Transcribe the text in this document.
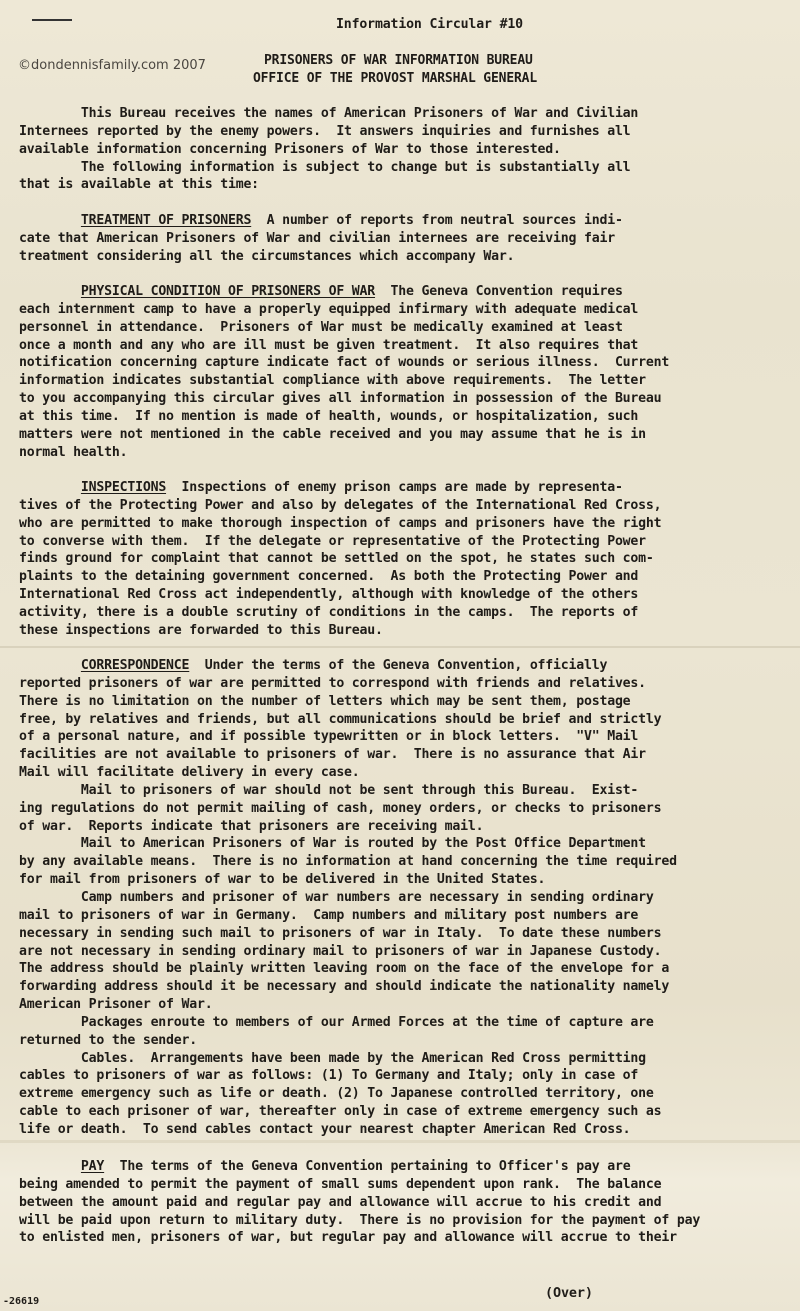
Information Circular #10
©dondennisfamily.com 2007	PRISONERS OF WAR INFORMATION BUREAU
OFFICE OF THE PROVOST MARSHAL GENERAL
This Bureau receives the names of American Prisoners of War and Civilian
Internees reported by the enemy powers.  It answers inquiries and furnishes all
available information concerning Prisoners of War to those interested.
The following information is subject to change but is substantially all
that is available at this time:
TREATMENT OF PRISONERS  A number of reports from neutral sources indi-
cate that American Prisoners of War and civilian internees are receiving fair
treatment considering all the circumstances which accompany War.
PHYSICAL CONDITION OF PRISONERS OF WAR  The Geneva Convention requires
each internment camp to have a properly equipped infirmary with adequate medical
personnel in attendance.  Prisoners of War must be medically examined at least
once a month and any who are ill must be given treatment.  It also requires that
notification concerning capture indicate fact of wounds or serious illness.  Current
information indicates substantial compliance with above requirements.  The letter
to you accompanying this circular gives all information in possession of the Bureau
at this time.  If no mention is made of health, wounds, or hospitalization, such
matters were not mentioned in the cable received and you may assume that he is in
normal health.
INSPECTIONS  Inspections of enemy prison camps are made by representa-
tives of the Protecting Power and also by delegates of the International Red Cross,
who are permitted to make thorough inspection of camps and prisoners have the right
to converse with them.  If the delegate or representative of the Protecting Power
finds ground for complaint that cannot be settled on the spot, he states such com-
plaints to the detaining government concerned.  As both the Protecting Power and
International Red Cross act independently, although with knowledge of the others
activity, there is a double scrutiny of conditions in the camps.  The reports of
these inspections are forwarded to this Bureau.
CORRESPONDENCE  Under the terms of the Geneva Convention, officially
reported prisoners of war are permitted to correspond with friends and relatives.
There is no limitation on the number of letters which may be sent them, postage
free, by relatives and friends, but all communications should be brief and strictly
of a personal nature, and if possible typewritten or in block letters.  "V" Mail
facilities are not available to prisoners of war.  There is no assurance that Air
Mail will facilitate delivery in every case.
Mail to prisoners of war should not be sent through this Bureau.  Exist-
ing regulations do not permit mailing of cash, money orders, or checks to prisoners
of war.  Reports indicate that prisoners are receiving mail.
Mail to American Prisoners of War is routed by the Post Office Department
by any available means.  There is no information at hand concerning the time required
for mail from prisoners of war to be delivered in the United States.
Camp numbers and prisoner of war numbers are necessary in sending ordinary
mail to prisoners of war in Germany.  Camp numbers and military post numbers are
necessary in sending such mail to prisoners of war in Italy.  To date these numbers
are not necessary in sending ordinary mail to prisoners of war in Japanese Custody.
The address should be plainly written leaving room on the face of the envelope for a
forwarding address should it be necessary and should indicate the nationality namely
American Prisoner of War.
Packages enroute to members of our Armed Forces at the time of capture are
returned to the sender.
Cables.  Arrangements have been made by the American Red Cross permitting
cables to prisoners of war as follows: (1) To Germany and Italy; only in case of
extreme emergency such as life or death. (2) To Japanese controlled territory, one
cable to each prisoner of war, thereafter only in case of extreme emergency such as
life or death.  To send cables contact your nearest chapter American Red Cross.
PAY  The terms of the Geneva Convention pertaining to Officer's pay are
being amended to permit the payment of small sums dependent upon rank.  The balance
between the amount paid and regular pay and allowance will accrue to his credit and
will be paid upon return to military duty.  There is no provision for the payment of pay
to enlisted men, prisoners of war, but regular pay and allowance will accrue to their
-26619
(Over)
